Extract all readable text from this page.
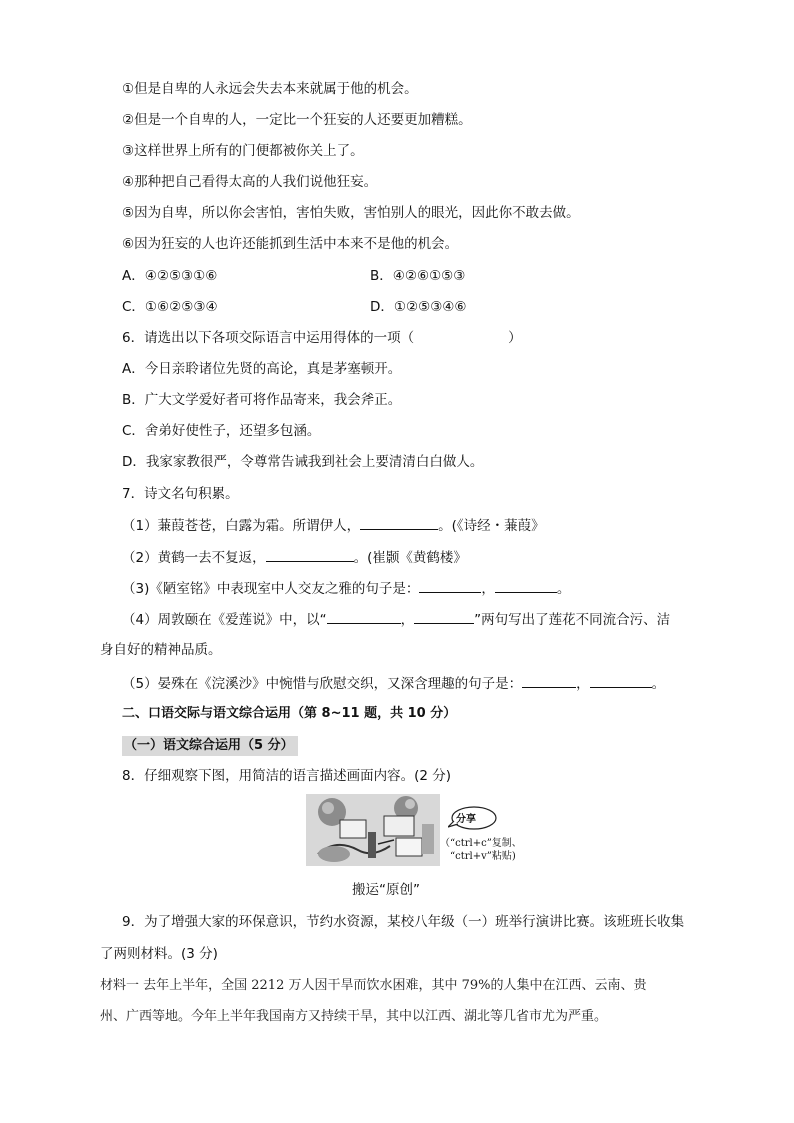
①但是自卑的人永远会失去本来就属于他的机会。
②但是一个自卑的人，一定比一个狂妄的人还要更加糟糕。
③这样世界上所有的门便都被你关上了。
④那种把自己看得太高的人我们说他狂妄。
⑤因为自卑，所以你会害怕，害怕失败，害怕别人的眼光，因此你不敢去做。
⑥因为狂妄的人也许还能抓到生活中本来不是他的机会。
A．④②⑤③①⑥	B．④②⑥①⑤③
C．①⑥②⑤③④	D．①②⑤③④⑥
6．请选出以下各项交际语言中运用得体的一项（	）
A．今日亲聆诸位先贤的高论，真是茅塞顿开。
B．广大文学爱好者可将作品寄来，我会斧正。
C．舍弟好使性子，还望多包涵。
D．我家家教很严，令尊常告诫我到社会上要清清白白做人。
7．诗文名句积累。
（1）蒹葭苍苍，白露为霜。所谓伊人，	。(《诗经・蒹葭》
（2）黄鹤一去不复返，	。(崔颢《黄鹤楼》
（3)《陋室铭》中表现室中人交友之雅的句子是：	，	。
（4）周敦颐在《爱莲说》中，以“	，	”两句写出了莲花不同流合污、洁
身自好的精神品质。
（5）晏殊在《浣溪沙》中惋惜与欣慰交织，又深含理趣的句子是：	，	。
二、口语交际与语文综合运用（第 8~11 题，共 10 分）
（一）语文综合运用（5 分）
8．仔细观察下图，用简洁的语言描述画面内容。(2 分)
分享
（“ctrl+c”复制、
“ctrl+v”粘贴)
搬运“原创”
9．为了增强大家的环保意识，节约水资源，某校八年级（一）班举行演讲比赛。该班班长收集
了两则材料。(3 分)
材料一 去年上半年，全国 2212 万人因干旱而饮水困难，其中 79%的人集中在江西、云南、贵
州、广西等地。今年上半年我国南方又持续干旱，其中以江西、湖北等几省市尤为严重。
